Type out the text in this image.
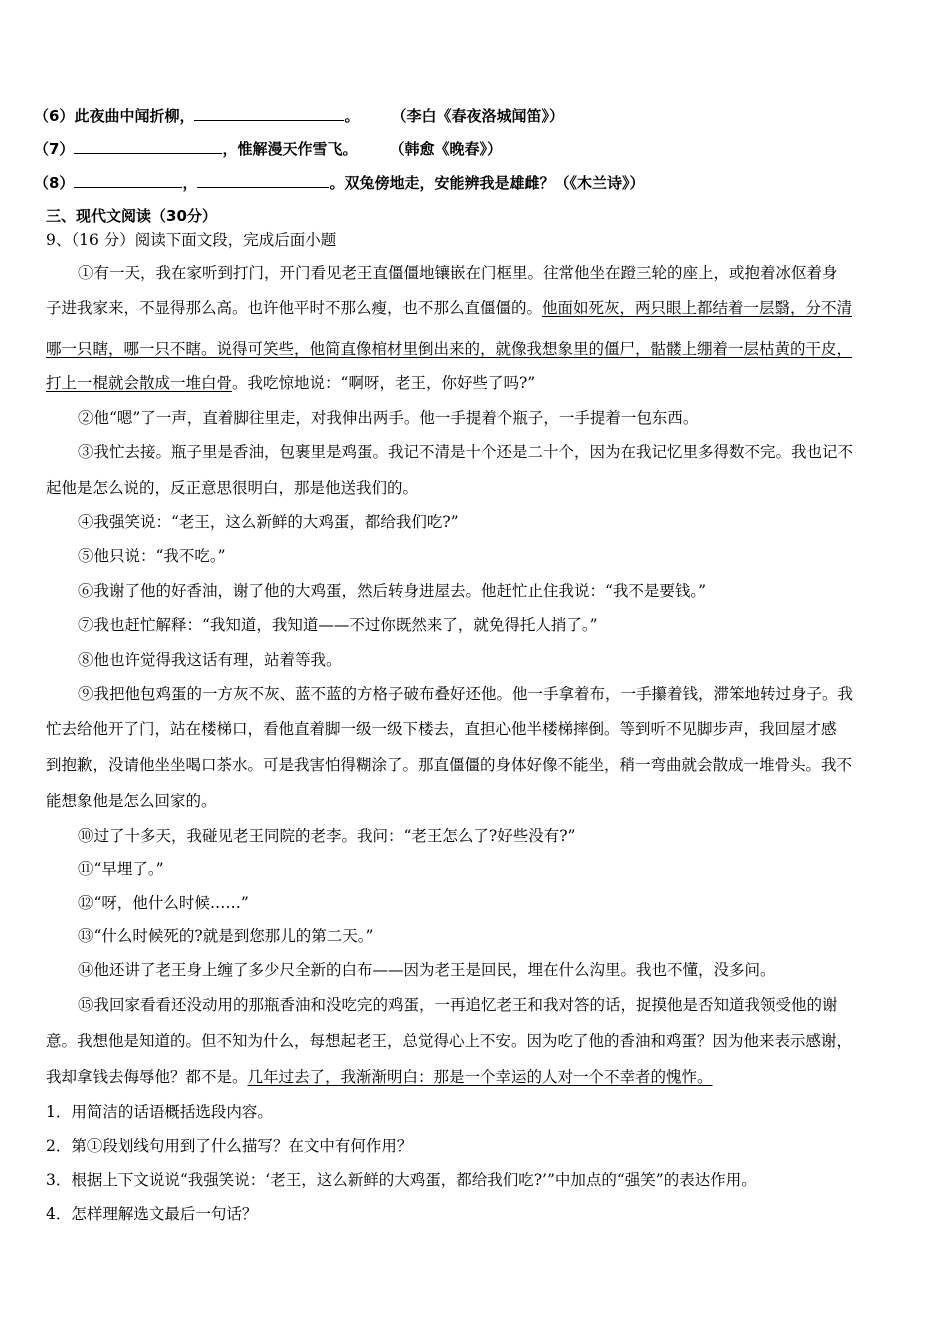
（6）此夜曲中闻折柳，	。 （李白《春夜洛城闻笛》）
（7）	，惟解漫天作雪飞。 （韩愈《晚春》）
（8）	，	。双兔傍地走，安能辨我是雄雌？（《木兰诗》）
三、现代文阅读（30分）
9、（16 分）阅读下面文段，完成后面小题
①有一天，我在家听到打门，开门看见老王直僵僵地镶嵌在门框里。往常他坐在蹬三轮的座上，或抱着冰伛着身
子进我家来，不显得那么高。也许他平时不那么瘦，也不那么直僵僵的。他面如死灰，两只眼上都结着一层翳，分不清
哪一只瞎，哪一只不瞎。说得可笑些，他简直像棺材里倒出来的，就像我想象里的僵尸，骷髅上绷着一层枯黄的干皮，
打上一棍就会散成一堆白骨。我吃惊地说：“啊呀，老王，你好些了吗?”
②他“嗯”了一声，直着脚往里走，对我伸出两手。他一手提着个瓶子，一手提着一包东西。
③我忙去接。瓶子里是香油，包裹里是鸡蛋。我记不清是十个还是二十个，因为在我记忆里多得数不完。我也记不
起他是怎么说的，反正意思很明白，那是他送我们的。
④我强笑说：“老王，这么新鲜的大鸡蛋，都给我们吃?”
⑤他只说：“我不吃。”
⑥我谢了他的好香油，谢了他的大鸡蛋，然后转身进屋去。他赶忙止住我说：“我不是要钱。”
⑦我也赶忙解释：“我知道，我知道——不过你既然来了，就免得托人捎了。”
⑧他也许觉得我这话有理，站着等我。
⑨我把他包鸡蛋的一方灰不灰、蓝不蓝的方格子破布叠好还他。他一手拿着布，一手攥着钱，滞笨地转过身子。我
忙去给他开了门，站在楼梯口，看他直着脚一级一级下楼去，直担心他半楼梯摔倒。等到听不见脚步声，我回屋才感
到抱歉，没请他坐坐喝口茶水。可是我害怕得糊涂了。那直僵僵的身体好像不能坐，稍一弯曲就会散成一堆骨头。我不
能想象他是怎么回家的。
⑩过了十多天，我碰见老王同院的老李。我问：“老王怎么了?好些没有?”
⑪“早埋了。”
⑫“呀，他什么时候……”
⑬“什么时候死的?就是到您那儿的第二天。”
⑭他还讲了老王身上缠了多少尺全新的白布——因为老王是回民，埋在什么沟里。我也不懂，没多问。
⑮我回家看看还没动用的那瓶香油和没吃完的鸡蛋，一再追忆老王和我对答的话，捉摸他是否知道我领受他的谢
意。我想他是知道的。但不知为什么，每想起老王，总觉得心上不安。因为吃了他的香油和鸡蛋？因为他来表示感谢，
我却拿钱去侮辱他？都不是。几年过去了，我渐渐明白：那是一个幸运的人对一个不幸者的愧怍。
1．用简洁的话语概括选段内容。
2．第①段划线句用到了什么描写？在文中有何作用？
3．根据上下文说说“我强笑说：‘老王，这么新鲜的大鸡蛋，都给我们吃?’”中加点的“强笑”的表达作用。
4．怎样理解选文最后一句话？
